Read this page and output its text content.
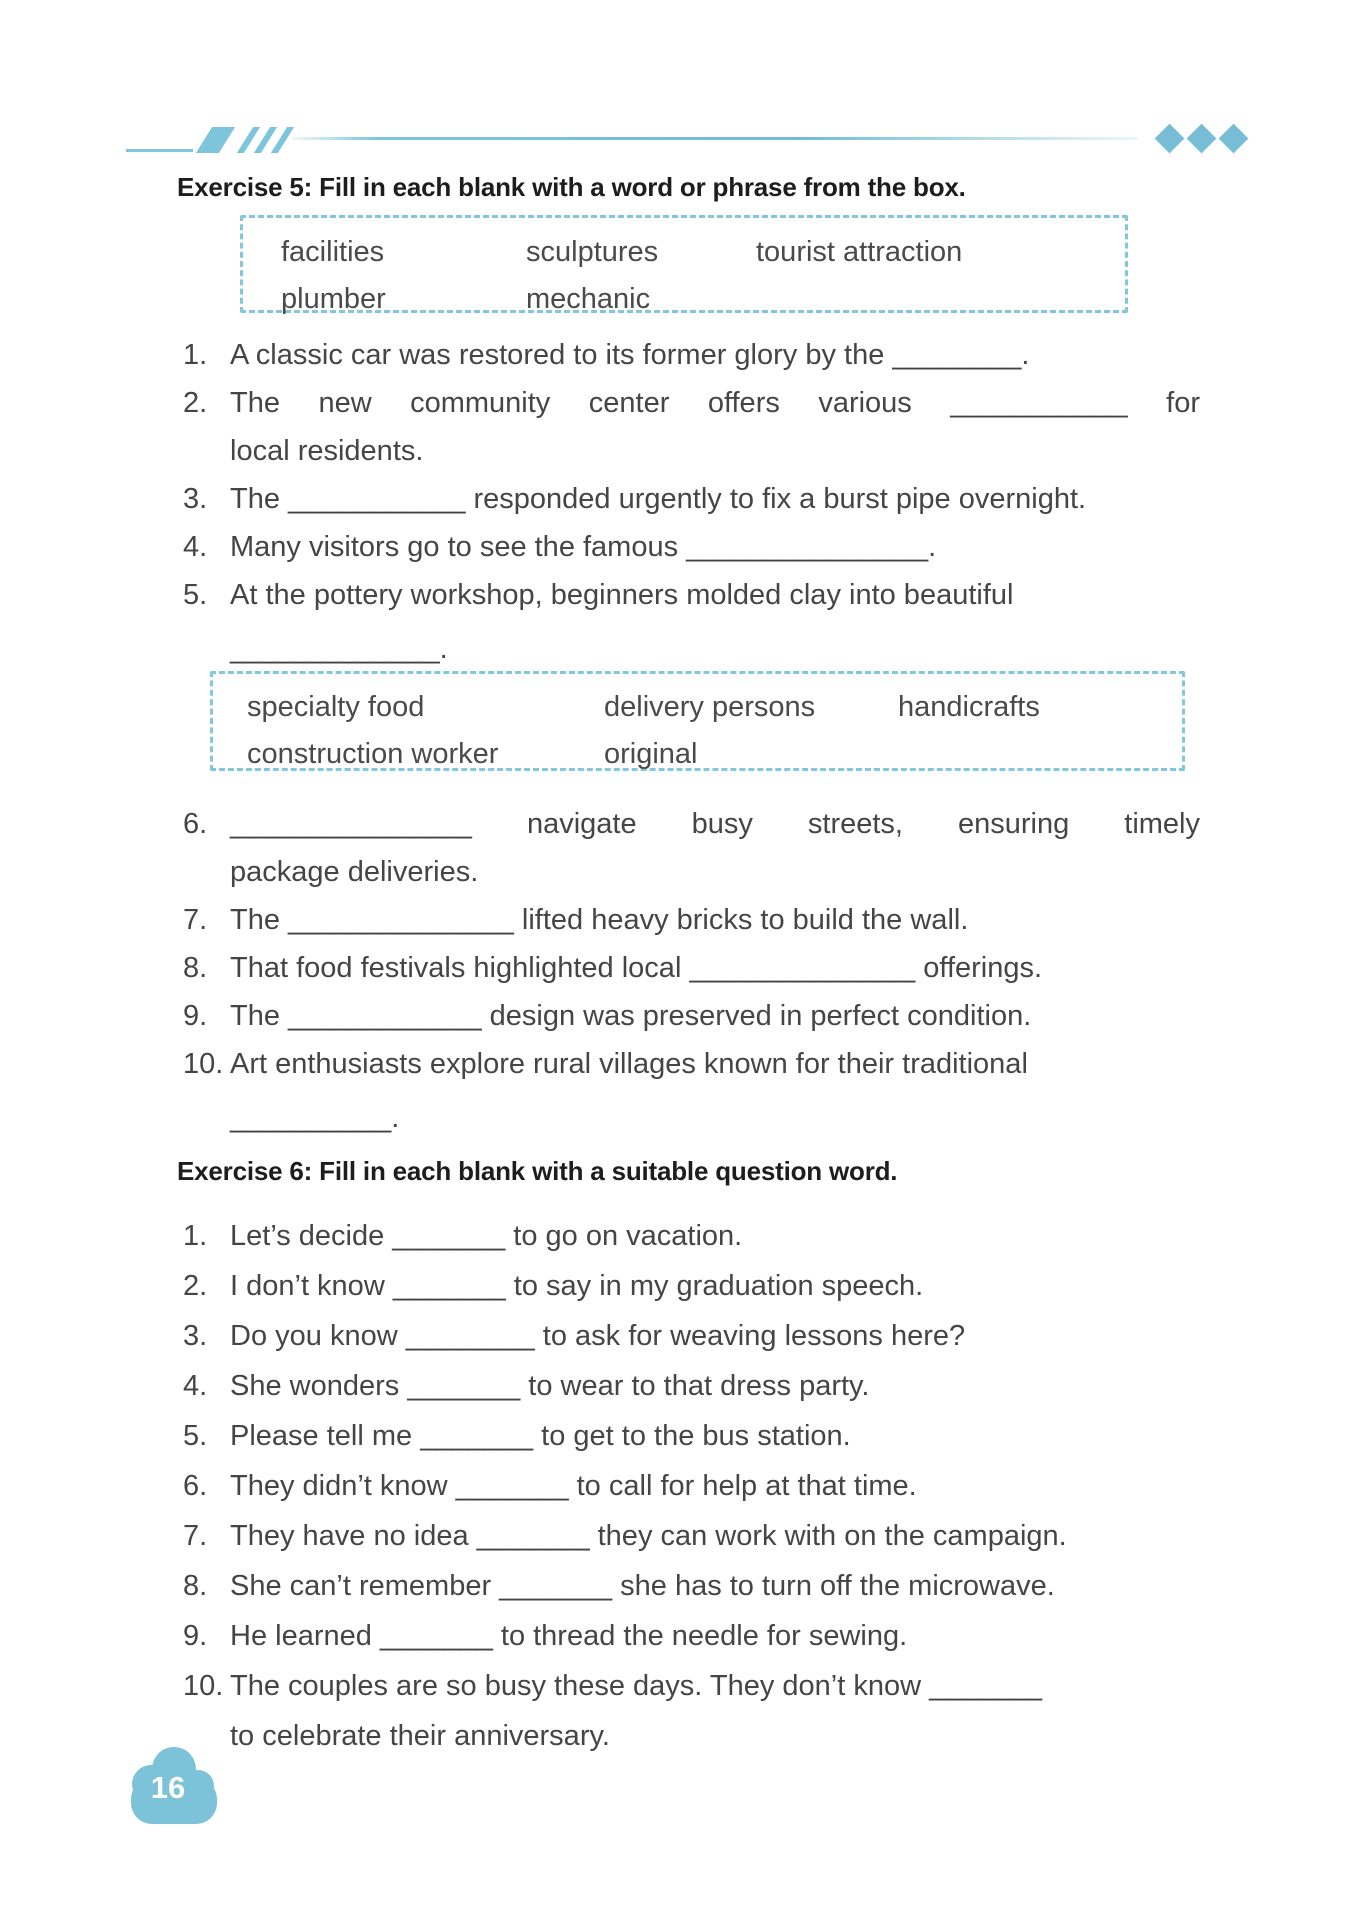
Exercise 5: Fill in each blank with a word or phrase from the box.
facilities	sculptures	tourist attraction
plumber	mechanic
1. A classic car was restored to its former glory by the ________.
2. The new community center offers various ___________ for
local residents.
3. The ___________ responded urgently to fix a burst pipe overnight.
4. Many visitors go to see the famous _______________.
5. At the pottery workshop, beginners molded clay into beautiful
_____________.
specialty food	delivery persons	handicrafts
construction worker	original
6. _______________ navigate busy streets, ensuring timely
package deliveries.
7. The ______________ lifted heavy bricks to build the wall.
8. That food festivals highlighted local ______________ offerings.
9. The ____________ design was preserved in perfect condition.
10. Art enthusiasts explore rural villages known for their traditional
__________.
Exercise 6: Fill in each blank with a suitable question word.
1. Let’s decide _______ to go on vacation.
2. I don’t know _______ to say in my graduation speech.
3. Do you know ________ to ask for weaving lessons here?
4. She wonders _______ to wear to that dress party.
5. Please tell me _______ to get to the bus station.
6. They didn’t know _______ to call for help at that time.
7. They have no idea _______ they can work with on the campaign.
8. She can’t remember _______ she has to turn off the microwave.
9. He learned _______ to thread the needle for sewing.
10. The couples are so busy these days. They don’t know _______
to celebrate their anniversary.
16
